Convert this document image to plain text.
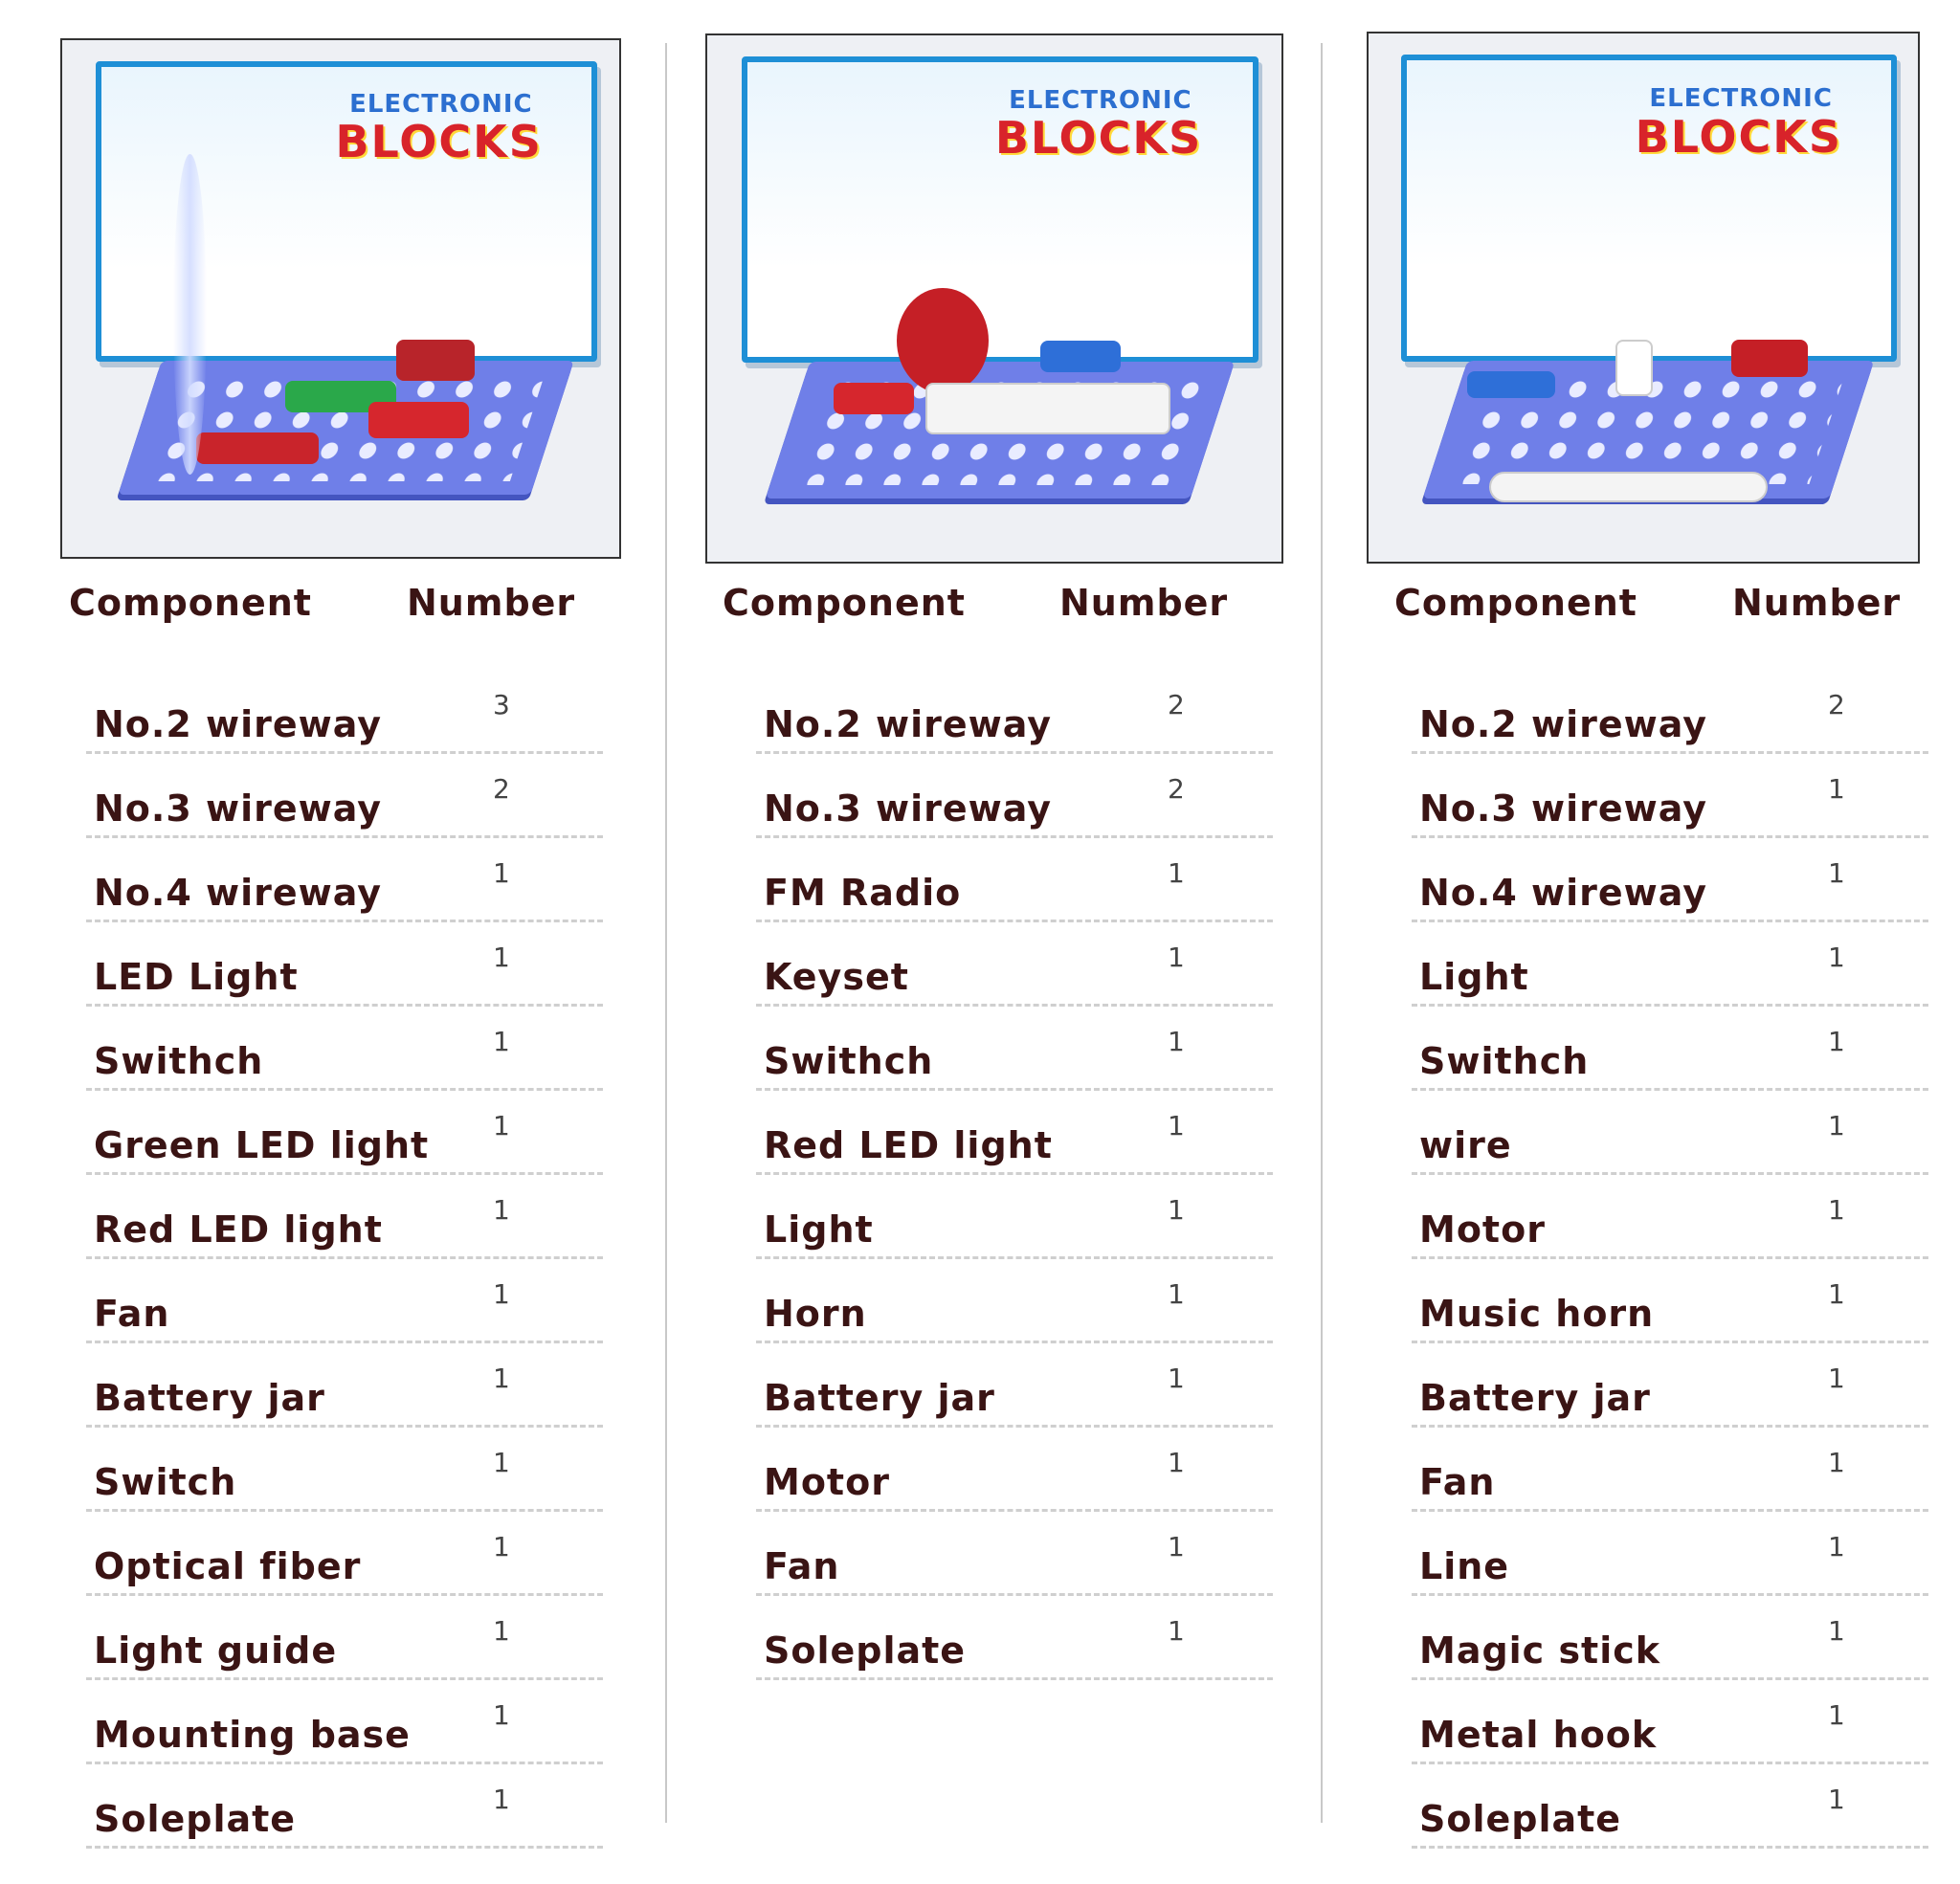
ELECTRONIC
BLOCKS
Component	Number
No.2 wireway	3
No.3 wireway	2
No.4 wireway	1
LED Light	1
Swithch	1
Green LED light 1
Red LED light	1
Fan	1
Battery jar	1
Switch	1
Optical fiber	1
Light guide	1
Mounting base	1
Soleplate	1
ELECTRONIC
BLOCKS
Component	Number
No.2 wireway	2
No.3 wireway	2
FM Radio	1
Keyset	1
Swithch	1
Red LED light	1
Light	1
Horn	1
Battery jar	1
Motor	1
Fan	1
Soleplate	1
ELECTRONIC
BLOCKS
Component	Number
No.2 wireway	2
No.3 wireway	1
No.4 wireway	1
Light	1
Swithch	1
wire	1
Motor	1
Music horn	1
Battery jar	1
Fan	1
Line	1
Magic stick	1
Metal hook	1
Soleplate	1
